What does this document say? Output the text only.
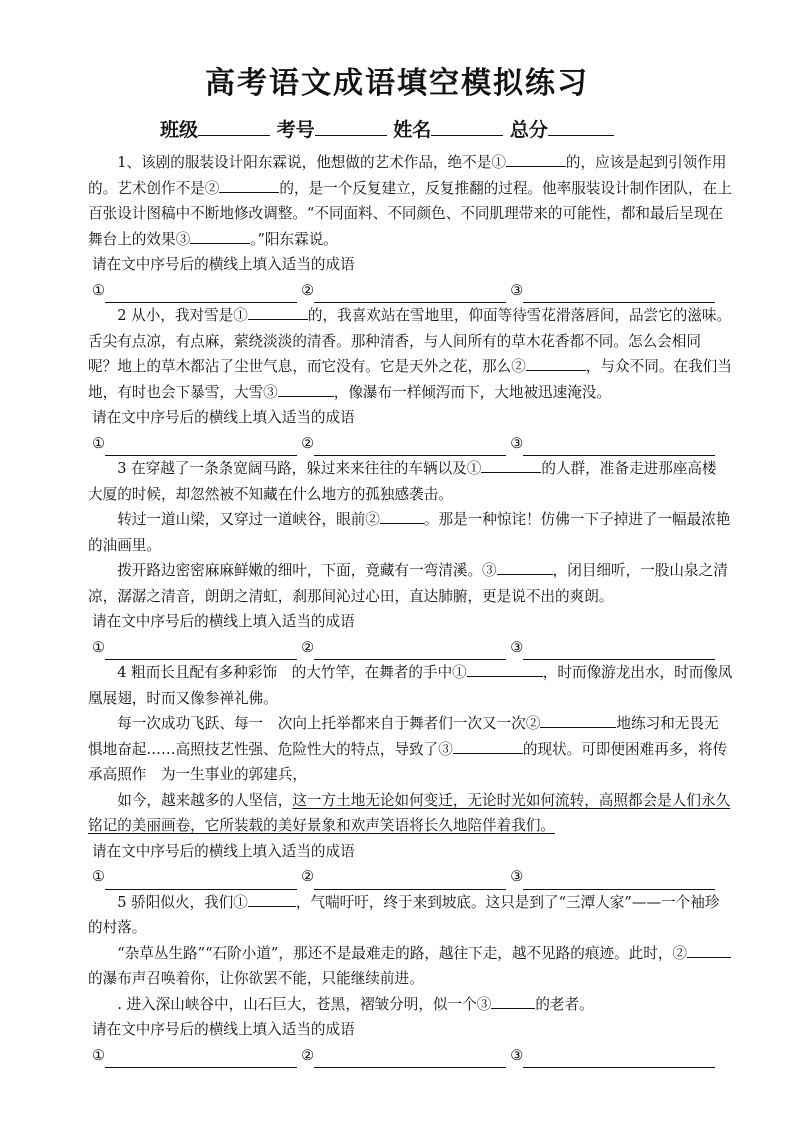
高考语文成语填空模拟练习
班级	考号	姓名	总分
1、该剧的服装设计阳东霖说，他想做的艺术作品，绝不是①	的，应该是起到引领作用的。艺术创作不是②	的，是一个反复建立，反复推翻的过程。他率服装设计制作团队，在上百张设计图稿中不断地修改调整。“不同面料、不同颜色、不同肌理带来的可能性，都和最后呈现在舞台上的效果③	。”阳东霖说。
请在文中序号后的横线上填入适当的成语
①	②	③
2 从小，我对雪是①	的，我喜欢站在雪地里，仰面等待雪花滑落唇间，品尝它的滋味。　舌尖有点凉，有点麻，萦绕淡淡的清香。那种清香，与人间所有的草木花香都不同。怎么会相同　呢？地上的草木都沾了尘世气息，而它没有。它是天外之花，那么②	，与众不同。在我们当地，有时也会下暴雪，大雪③	，像瀑布一样倾泻而下，大地被迅速淹没。
请在文中序号后的横线上填入适当的成语
①	②	③
3 在穿越了一条条宽阔马路，躲过来来往往的车辆以及①	的人群，准备走进那座高楼　大厦的时候，却忽然被不知藏在什么地方的孤独感袭击。
转过一道山梁，又穿过一道峡谷，眼前②	。那是一种惊诧！仿佛一下子掉进了一幅最浓艳的油画里。
拨开路边密密麻麻鲜嫩的细叶，下面，竟藏有一弯清溪。③	，闭目细听，一股山泉之清凉，潺潺之清音，朗朗之清虹，刹那间沁过心田，直达肺腑，更是说不出的爽朗。
请在文中序号后的横线上填入适当的成语
①	②	③
4 粗而长且配有多种彩饰　的大竹竿，在舞者的手中①	，时而像游龙出水，时而像凤凰展翅，时而又像参禅礼佛。
每一次成功飞跃、每一　次向上托举都来自于舞者们一次又一次②	地练习和无畏无惧地奋起……高照技艺性强、危险性大的特点，导致了③	的现状。可即便困难再多，将传承高照作　为一生事业的郭建兵，
如今，越来越多的人坚信，这一方土地无论如何变迁，无论时光如何流转，高照都会是人们永久铭记的美丽画卷，它所装载的美好景象和欢声笑语将长久地陪伴着我们。
请在文中序号后的横线上填入适当的成语
①	②	③
5 骄阳似火，我们①	，气喘吁吁，终于来到坡底。这只是到了“三潭人家”——一个袖珍的村落。
“杂草丛生路”“石阶小道”，那还不是最难走的路，越往下走，越不见路的痕迹。此时，②的瀑布声召唤着你，让你欲罢不能，只能继续前进。
. 进入深山峡谷中，山石巨大，苍黑，褶皱分明，似一个③	的老者。
请在文中序号后的横线上填入适当的成语
①	②	③
